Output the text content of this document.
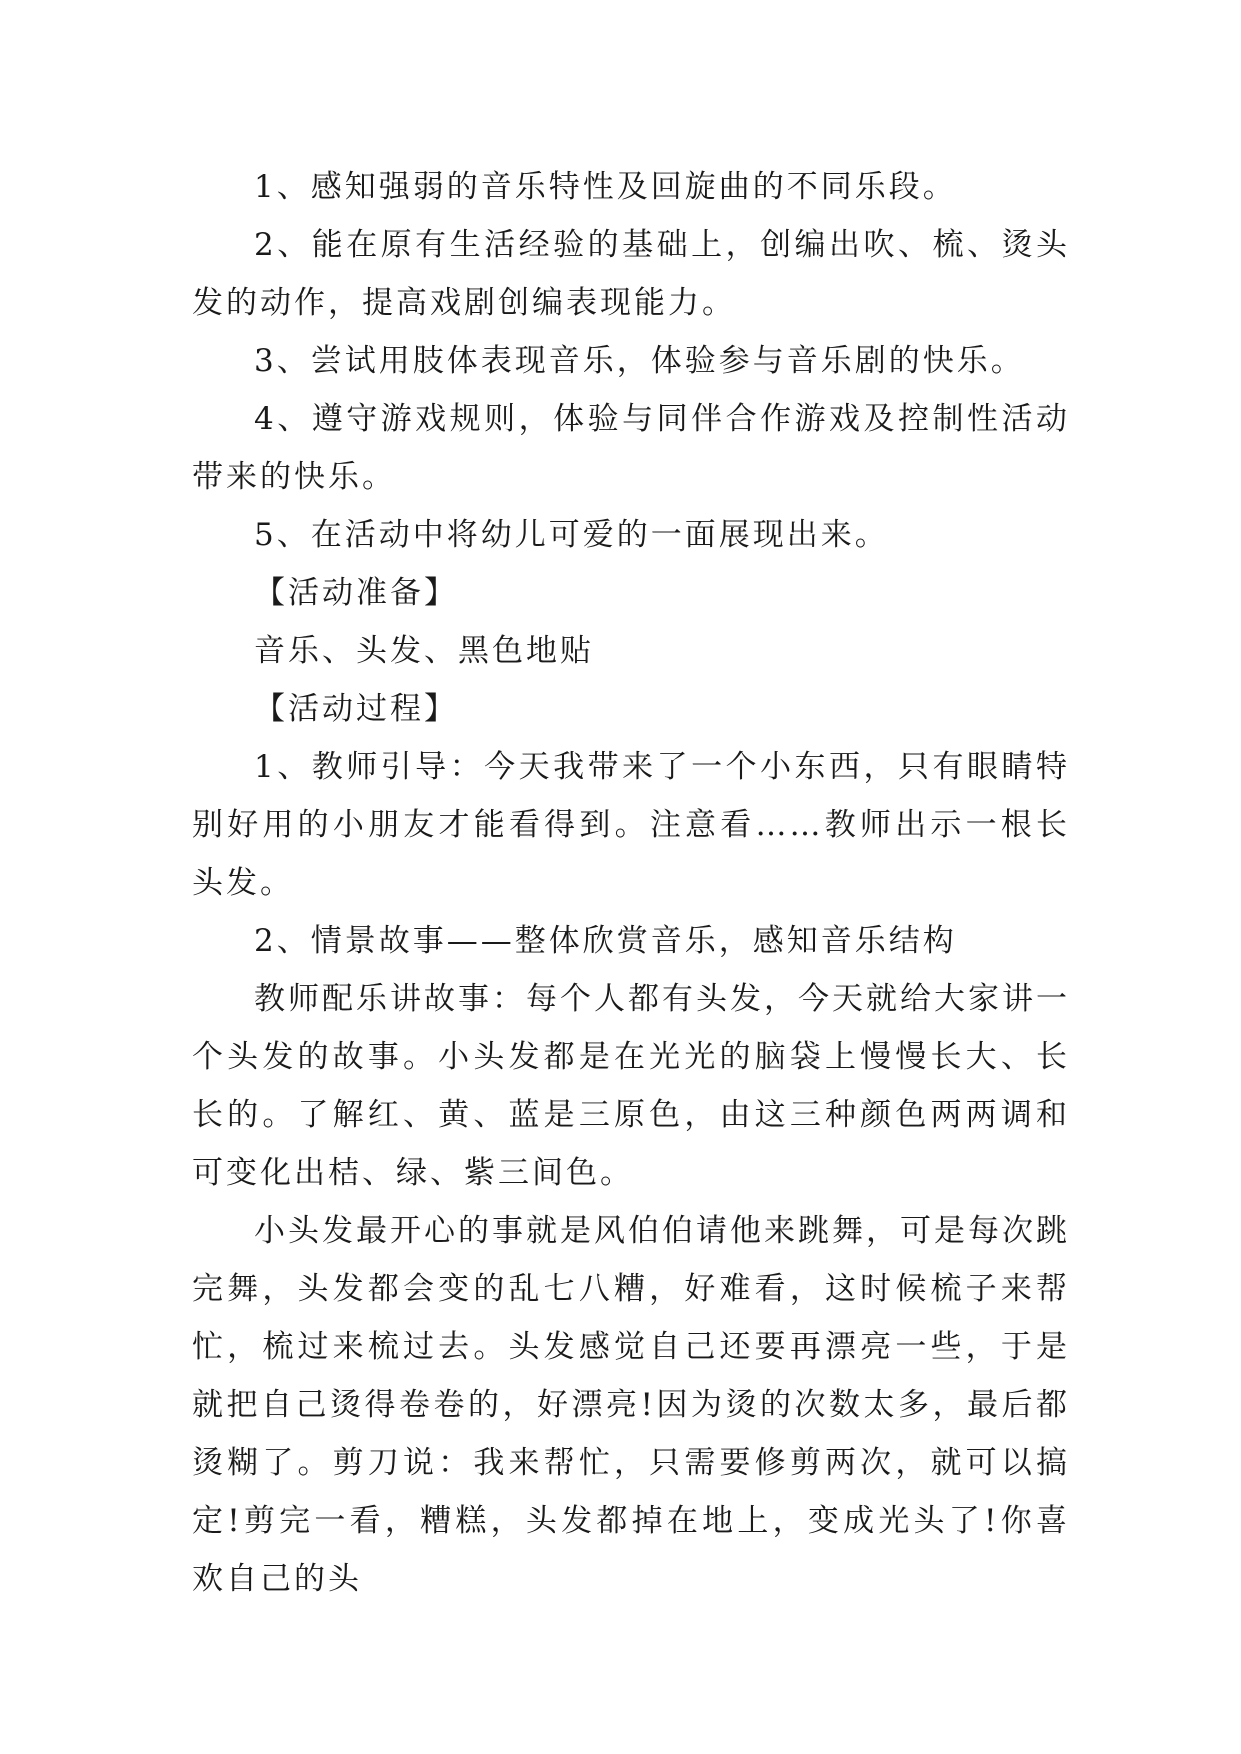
1、感知强弱的音乐特性及回旋曲的不同乐段。

2、能在原有生活经验的基础上，创编出吹、梳、烫头发的动作，提高戏剧创编表现能力。

3、尝试用肢体表现音乐，体验参与音乐剧的快乐。

4、遵守游戏规则，体验与同伴合作游戏及控制性活动带来的快乐。

5、在活动中将幼儿可爱的一面展现出来。

【活动准备】

音乐、头发、黑色地贴

【活动过程】

1、教师引导：今天我带来了一个小东西，只有眼睛特别好用的小朋友才能看得到。注意看……教师出示一根长头发。

2、情景故事——整体欣赏音乐，感知音乐结构

教师配乐讲故事：每个人都有头发，今天就给大家讲一个头发的故事。小头发都是在光光的脑袋上慢慢长大、长长的。了解红、黄、蓝是三原色，由这三种颜色两两调和可变化出桔、绿、紫三间色。

小头发最开心的事就是风伯伯请他来跳舞，可是每次跳完舞，头发都会变的乱七八糟，好难看，这时候梳子来帮忙，梳过来梳过去。头发感觉自己还要再漂亮一些，于是就把自己烫得卷卷的，好漂亮!因为烫的次数太多，最后都烫糊了。剪刀说：我来帮忙，只需要修剪两次，就可以搞定!剪完一看，糟糕，头发都掉在地上，变成光头了!你喜欢自己的头
